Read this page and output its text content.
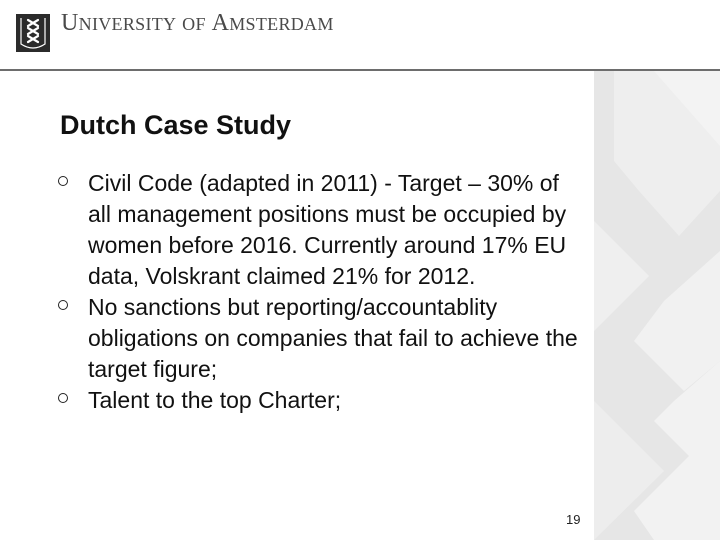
UNIVERSITY OF AMSTERDAM
Dutch Case Study
Civil Code (adapted in 2011) - Target – 30% of all management positions must be occupied by women before 2016. Currently around 17% EU data, Volskrant claimed 21% for 2012.
No sanctions but reporting/accountablity obligations on companies that fail to achieve the target figure;
Talent to the top Charter;
19
